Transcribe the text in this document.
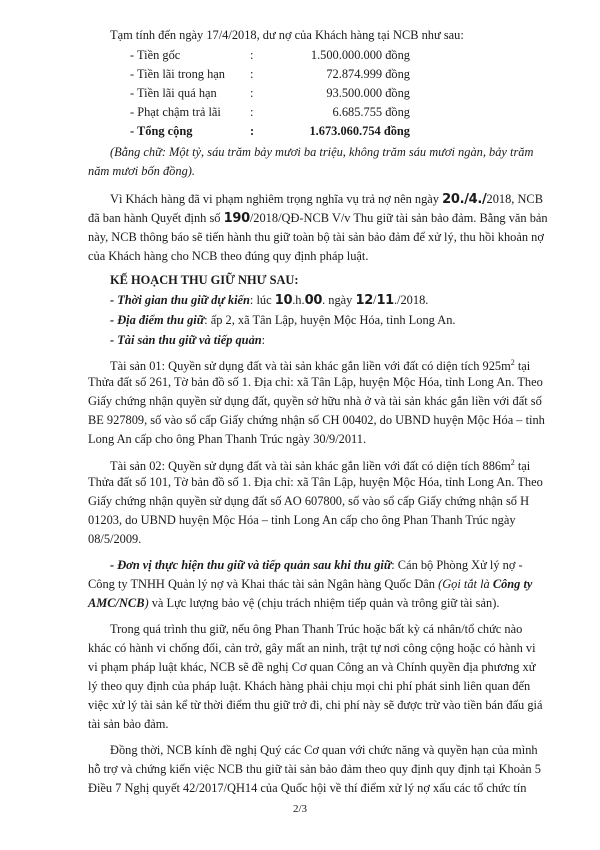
Tạm tính đến ngày 17/4/2018, dư nợ của Khách hàng tại NCB như sau:
- Tiền gốc	:	1.500.000.000 đồng
- Tiền lãi trong hạn	:	72.874.999 đồng
- Tiền lãi quá hạn	:	93.500.000 đồng
- Phạt chậm trả lãi	:	6.685.755 đồng
- Tổng cộng	:	1.673.060.754 đồng
(Bằng chữ: Một tỷ, sáu trăm bảy mươi ba triệu, không trăm sáu mươi ngàn, bảy trăm
năm mươi bốn đồng).
Vì Khách hàng đã vi phạm nghiêm trọng nghĩa vụ trả nợ nên ngày 20./4./2018, NCB
đã ban hành Quyết định số 190/2018/QĐ-NCB V/v Thu giữ tài sản bảo đảm. Bằng văn bản
này, NCB thông báo sẽ tiến hành thu giữ toàn bộ tài sản bảo đảm để xử lý, thu hồi khoản nợ
của Khách hàng cho NCB theo đúng quy định pháp luật.
KẾ HOẠCH THU GIỮ NHƯ SAU:
- Thời gian thu giữ dự kiến: lúc 10.h.00. ngày 12/11./2018.
- Địa điểm thu giữ: ấp 2, xã Tân Lập, huyện Mộc Hóa, tỉnh Long An.
- Tài sản thu giữ và tiếp quản:
Tài sản 01: Quyền sử dụng đất và tài sản khác gắn liền với đất có diện tích $925m^2$ tại
Thửa đất số 261, Tờ bản đồ số 1. Địa chỉ: xã Tân Lập, huyện Mộc Hóa, tỉnh Long An. Theo
Giấy chứng nhận quyền sử dụng đất, quyền sở hữu nhà ở và tài sản khác gắn liền với đất số
BE 927809, số vào sổ cấp Giấy chứng nhận số CH 00402, do UBND huyện Mộc Hóa – tỉnh
Long An cấp cho ông Phan Thanh Trúc ngày 30/9/2011.
Tài sản 02: Quyền sử dụng đất và tài sản khác gắn liền với đất có diện tích $886m^2$ tại
Thửa đất số 101, Tờ bản đồ số 1. Địa chỉ: xã Tân Lập, huyện Mộc Hóa, tỉnh Long An. Theo
Giấy chứng nhận quyền sử dụng đất số AO 607800, số vào sổ cấp Giấy chứng nhận số H
01203, do UBND huyện Mộc Hóa – tỉnh Long An cấp cho ông Phan Thanh Trúc ngày
08/5/2009.
- Đơn vị thực hiện thu giữ và tiếp quản sau khi thu giữ: Cán bộ Phòng Xử lý nợ -
Công ty TNHH Quản lý nợ và Khai thác tài sản Ngân hàng Quốc Dân (Gọi tắt là Công ty
AMC/NCB) và Lực lượng bảo vệ (chịu trách nhiệm tiếp quản và trông giữ tài sản).
Trong quá trình thu giữ, nếu ông Phan Thanh Trúc hoặc bất kỳ cá nhân/tổ chức nào
khác có hành vi chống đối, cản trở, gây mất an ninh, trật tự nơi công cộng hoặc có hành vi
vi phạm pháp luật khác, NCB sẽ đề nghị Cơ quan Công an và Chính quyền địa phương xử
lý theo quy định của pháp luật. Khách hàng phải chịu mọi chi phí phát sinh liên quan đến
việc xử lý tài sản kể từ thời điểm thu giữ trở đi, chi phí này sẽ được trừ vào tiền bán đấu giá
tài sản bảo đảm.
Đồng thời, NCB kính đề nghị Quý các Cơ quan với chức năng và quyền hạn của mình
hỗ trợ và chứng kiến việc NCB thu giữ tài sản bảo đảm theo quy định quy định tại Khoản 5
Điều 7 Nghị quyết 42/2017/QH14 của Quốc hội về thí điểm xử lý nợ xấu các tổ chức tín
2/3
